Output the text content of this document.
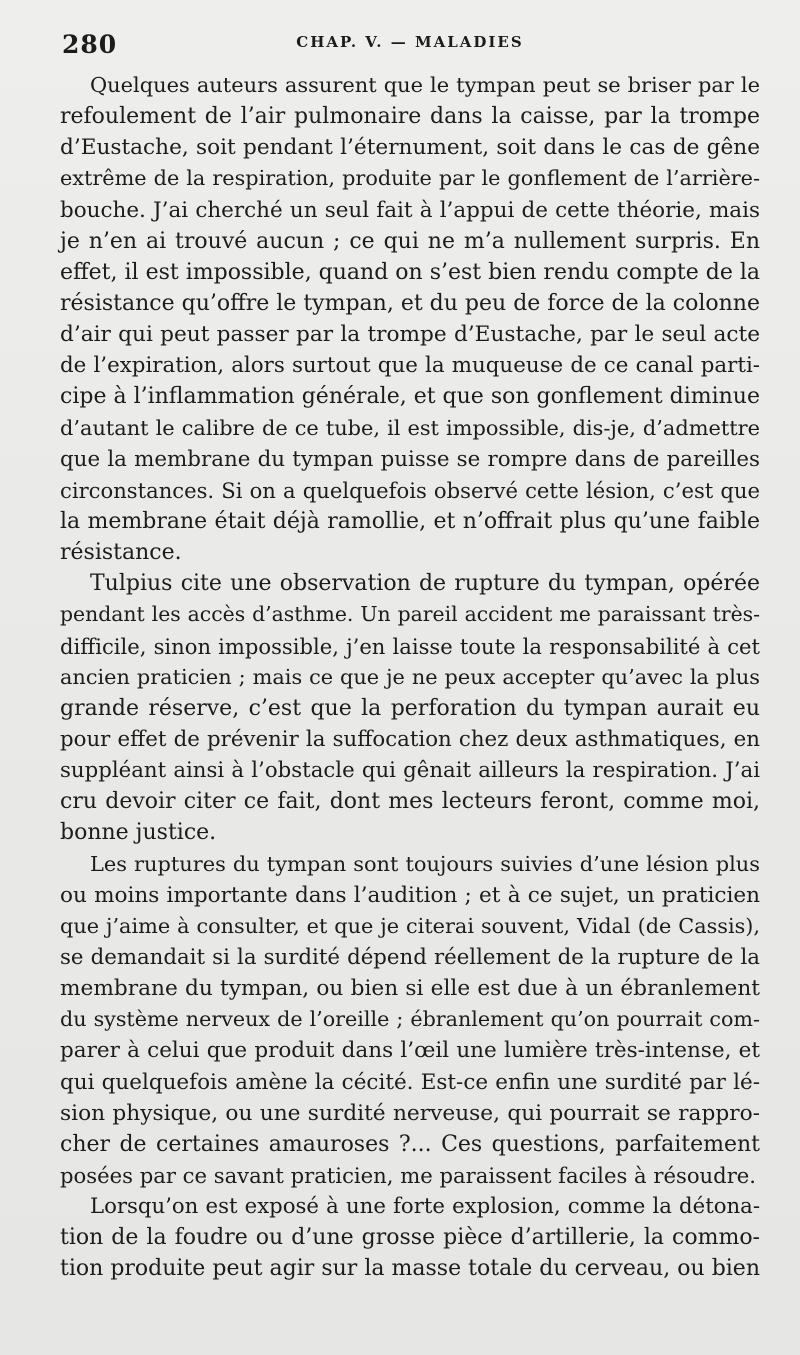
280	CHAP. V. — MALADIES
Quelques auteurs assurent que le tympan peut se briser par le
refoulement de l’air pulmonaire dans la caisse, par la trompe
d’Eustache, soit pendant l’éternument, soit dans le cas de gêne
extrême de la respiration, produite par le gonflement de l’arrière-
bouche. J’ai cherché un seul fait à l’appui de cette théorie, mais
je n’en ai trouvé aucun ; ce qui ne m’a nullement surpris. En
effet, il est impossible, quand on s’est bien rendu compte de la
résistance qu’offre le tympan, et du peu de force de la colonne
d’air qui peut passer par la trompe d’Eustache, par le seul acte
de l’expiration, alors surtout que la muqueuse de ce canal parti-
cipe à l’inflammation générale, et que son gonflement diminue
d’autant le calibre de ce tube, il est impossible, dis-je, d’admettre
que la membrane du tympan puisse se rompre dans de pareilles
circonstances. Si on a quelquefois observé cette lésion, c’est que
la membrane était déjà ramollie, et n’offrait plus qu’une faible
résistance.
Tulpius cite une observation de rupture du tympan, opérée
pendant les accès d’asthme. Un pareil accident me paraissant très-
difficile, sinon impossible, j’en laisse toute la responsabilité à cet
ancien praticien ; mais ce que je ne peux accepter qu’avec la plus
grande réserve, c’est que la perforation du tympan aurait eu
pour effet de prévenir la suffocation chez deux asthmatiques, en
suppléant ainsi à l’obstacle qui gênait ailleurs la respiration. J’ai
cru devoir citer ce fait, dont mes lecteurs feront, comme moi,
bonne justice.
Les ruptures du tympan sont toujours suivies d’une lésion plus
ou moins importante dans l’audition ; et à ce sujet, un praticien
que j’aime à consulter, et que je citerai souvent, Vidal (de Cassis),
se demandait si la surdité dépend réellement de la rupture de la
membrane du tympan, ou bien si elle est due à un ébranlement
du système nerveux de l’oreille ; ébranlement qu’on pourrait com-
parer à celui que produit dans l’œil une lumière très-intense, et
qui quelquefois amène la cécité. Est-ce enfin une surdité par lé-
sion physique, ou une surdité nerveuse, qui pourrait se rappro-
cher de certaines amauroses ?... Ces questions, parfaitement
posées par ce savant praticien, me paraissent faciles à résoudre.
Lorsqu’on est exposé à une forte explosion, comme la détona-
tion de la foudre ou d’une grosse pièce d’artillerie, la commo-
tion produite peut agir sur la masse totale du cerveau, ou bien
